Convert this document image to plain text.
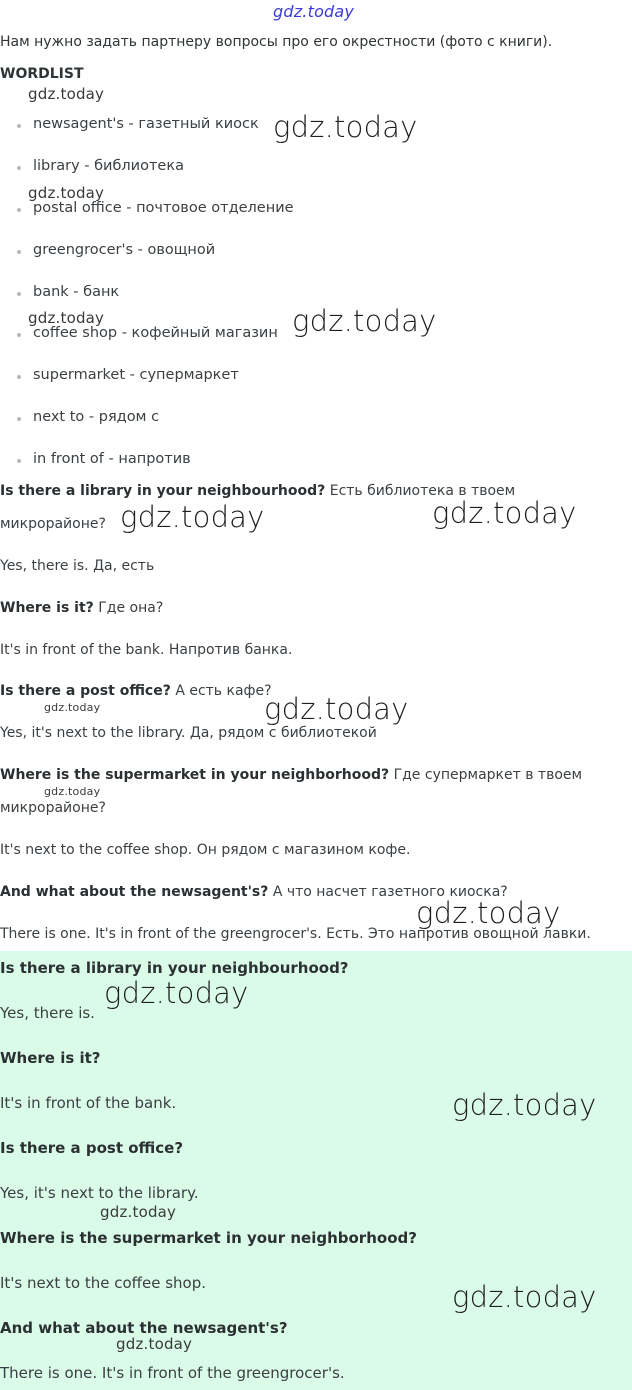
gdz.today
Нам нужно задать партнеру вопросы про его окрестности (фото с книги).
WORDLIST
newsagent's - газетный киоск
library - библиотека
postal office - почтовое отделение
greengrocer's - овощной
bank - банк
coffee shop - кофейный магазин
supermarket - супермаркет
next to - рядом с
in front of - напротив
Is there a library in your neighbourhood? Есть библиотека в твоем
микрорайоне?
Yes, there is. Да, есть
Where is it? Где она?
It's in front of the bank. Напротив банка.
Is there a post office? А есть кафе?
Yes, it's next to the library. Да, рядом с библиотекой
Where is the supermarket in your neighborhood? Где супермаркет в твоем
микрорайоне?
It's next to the coffee shop. Он рядом с магазином кофе.
And what about the newsagent's? А что насчет газетного киоска?
There is one. It's in front of the greengrocer's. Есть. Это напротив овощной лавки.
Is there a library in your neighbourhood?
Yes, there is.
Where is it?
It's in front of the bank.
Is there a post office?
Yes, it's next to the library.
Where is the supermarket in your neighborhood?
It's next to the coffee shop.
And what about the newsagent's?
There is one. It's in front of the greengrocer's.
gdz.today
gdz.today
gdz.today
gdz.today	gdz.today
gdz.today	gdz.today
gdz.today	gdz.today
gdz.today
gdz.today
gdz.today
gdz.today
gdz.today
gdz.today
gdz.today
